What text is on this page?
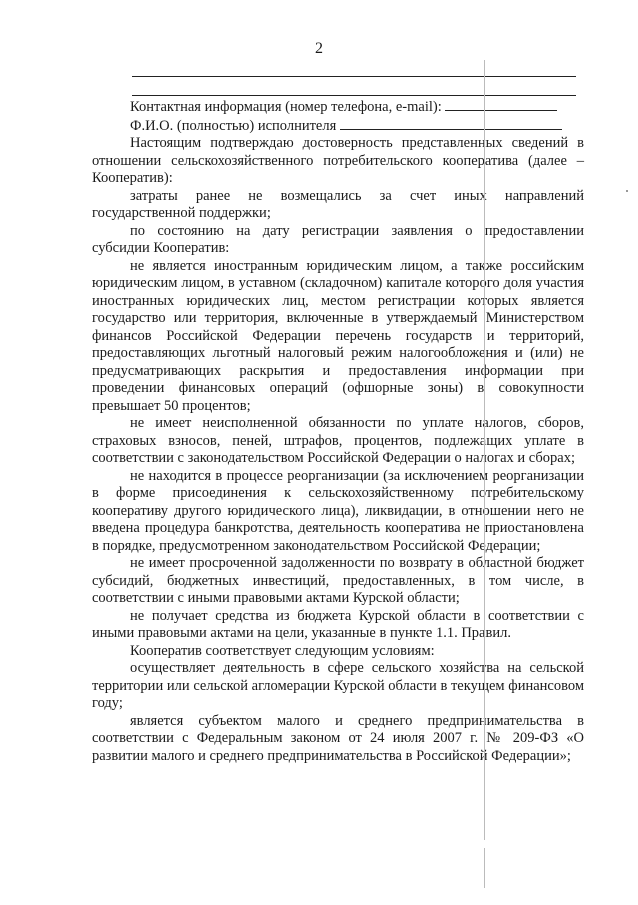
2
Контактная информация (номер телефона, e-mail):
Ф.И.О. (полностью) исполнителя

Настоящим подтверждаю достоверность представленных сведений в отношении сельскохозяйственного потребительского кооператива (далее – Кооператив):

затраты ранее не возмещались за счет иных направлений государственной поддержки;

по состоянию на дату регистрации заявления о предоставлении субсидии Кооператив:

не является иностранным юридическим лицом, а также российским юридическим лицом, в уставном (складочном) капитале которого доля участия иностранных юридических лиц, местом регистрации которых является государство или территория, включенные в утверждаемый Министерством финансов Российской Федерации перечень государств и территорий, предоставляющих льготный налоговый режим налогообложения и (или) не предусматривающих раскрытия и предоставления информации при проведении финансовых операций (офшорные зоны) в совокупности превышает 50 процентов;

не имеет неисполненной обязанности по уплате налогов, сборов, страховых взносов, пеней, штрафов, процентов, подлежащих уплате в соответствии с законодательством Российской Федерации о налогах и сборах;

не находится в процессе реорганизации (за исключением реорганизации в форме присоединения к сельскохозяйственному потребительскому кооперативу другого юридического лица), ликвидации, в отношении него не введена процедура банкротства, деятельность кооператива не приостановлена в порядке, предусмотренном законодательством Российской Федерации;

не имеет просроченной задолженности по возврату в областной бюджет субсидий, бюджетных инвестиций, предоставленных, в том числе, в соответствии с иными правовыми актами Курской области;

не получает средства из бюджета Курской области в соответствии с иными правовыми актами на цели, указанные в пункте 1.1. Правил.

Кооператив соответствует следующим условиям:

осуществляет деятельность в сфере сельского хозяйства на сельской территории или сельской агломерации Курской области в текущем финансовом году;

является субъектом малого и среднего предпринимательства в соответствии с Федеральным законом от 24 июля 2007 г. № 209-ФЗ «О развитии малого и среднего предпринимательства в Российской Федерации»;
